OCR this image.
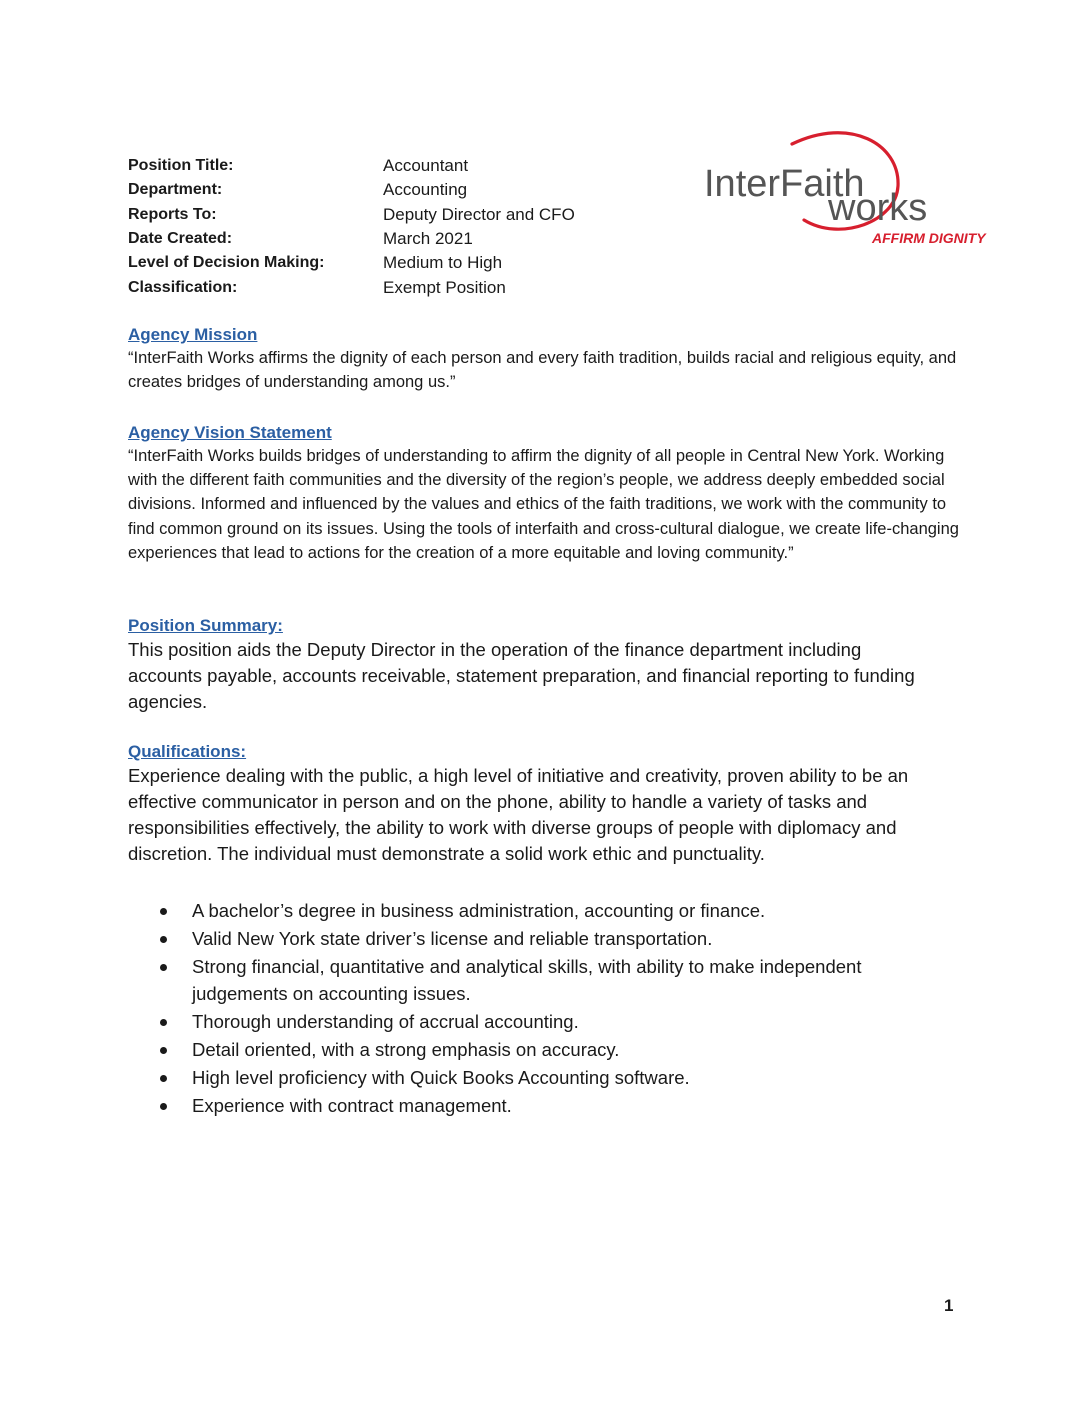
Position Title:	Accountant
Department:	Accounting
Reports To:	Deputy Director and CFO
Date Created:	March 2021
Level of Decision Making:	Medium to High
Classification:	Exempt Position
InterFaith
works
AFFIRM DIGNITY
Agency Mission
“InterFaith Works affirms the dignity of each person and every faith tradition, builds racial and religious equity, and creates bridges of understanding among us.”
Agency Vision Statement
“InterFaith Works builds bridges of understanding to affirm the dignity of all people in Central New York. Working with the different faith communities and the diversity of the region’s people, we address deeply embedded social divisions. Informed and influenced by the values and ethics of the faith traditions, we work with the community to find common ground on its issues. Using the tools of interfaith and cross-cultural dialogue, we create life-changing experiences that lead to actions for the creation of a more equitable and loving community.”
Position Summary:
This position aids the Deputy Director in the operation of the finance department including accounts payable, accounts receivable, statement preparation, and financial reporting to funding agencies.
Qualifications:
Experience dealing with the public, a high level of initiative and creativity, proven ability to be an effective communicator in person and on the phone, ability to handle a variety of tasks and responsibilities effectively, the ability to work with diverse groups of people with diplomacy and discretion. The individual must demonstrate a solid work ethic and punctuality.
A bachelor’s degree in business administration, accounting or finance.
Valid New York state driver’s license and reliable transportation.
Strong financial, quantitative and analytical skills, with ability to make independent judgements on accounting issues.
Thorough understanding of accrual accounting.
Detail oriented, with a strong emphasis on accuracy.
High level proficiency with Quick Books Accounting software.
Experience with contract management.
1
